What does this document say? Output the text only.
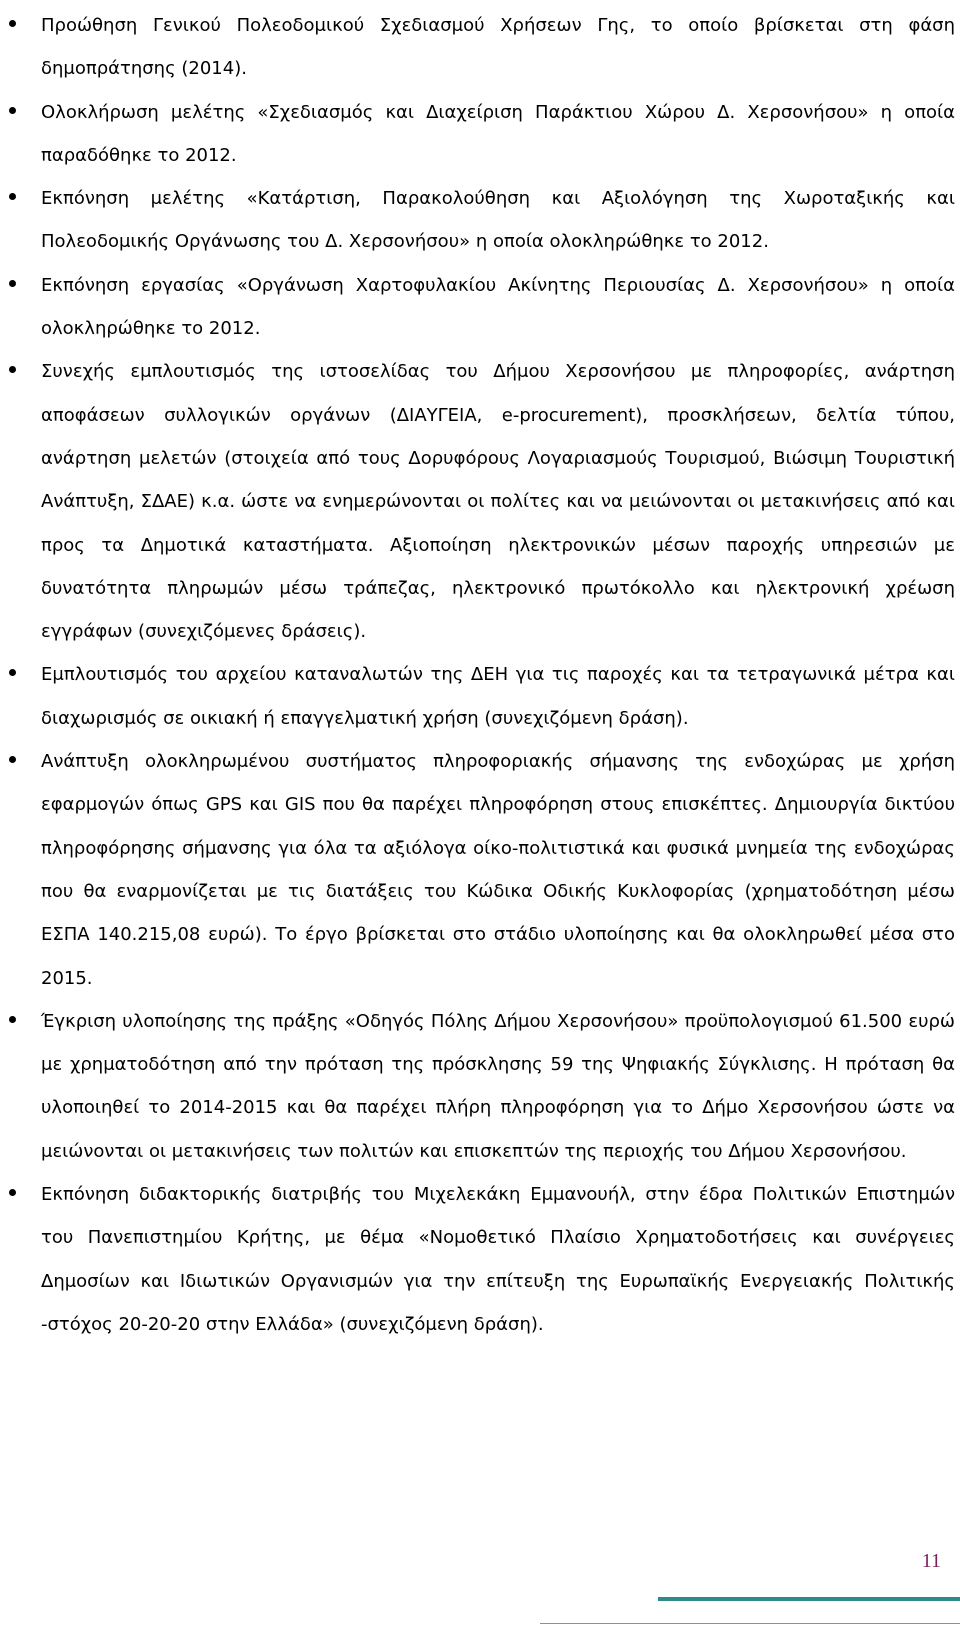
Προώθηση Γενικού Πολεοδομικού Σχεδιασμού Χρήσεων Γης, το οποίο βρίσκεται στη φάση δημοπράτησης (2014).
Ολοκλήρωση μελέτης «Σχεδιασμός και Διαχείριση Παράκτιου Χώρου Δ. Χερσονήσου» η οποία παραδόθηκε το 2012.
Εκπόνηση μελέτης «Κατάρτιση, Παρακολούθηση και Αξιολόγηση της Χωροταξικής και Πολεοδομικής Οργάνωσης του Δ. Χερσονήσου» η οποία ολοκληρώθηκε το 2012.
Εκπόνηση εργασίας «Οργάνωση Χαρτοφυλακίου Ακίνητης Περιουσίας Δ. Χερσονήσου» η οποία ολοκληρώθηκε το 2012.
Συνεχής εμπλουτισμός της ιστοσελίδας του Δήμου Χερσονήσου με πληροφορίες, ανάρτηση αποφάσεων συλλογικών οργάνων (ΔΙΑΥΓΕΙΑ, e-procurement), προσκλήσεων, δελτία τύπου, ανάρτηση μελετών (στοιχεία από τους Δορυφόρους Λογαριασμούς Τουρισμού, Βιώσιμη Τουριστική Ανάπτυξη, ΣΔΑΕ) κ.α. ώστε να ενημερώνονται οι πολίτες και να μειώνονται οι μετακινήσεις από και προς τα Δημοτικά καταστήματα. Αξιοποίηση ηλεκτρονικών μέσων παροχής υπηρεσιών με δυνατότητα πληρωμών μέσω τράπεζας, ηλεκτρονικό πρωτόκολλο και ηλεκτρονική χρέωση εγγράφων (συνεχιζόμενες δράσεις).
Εμπλουτισμός του αρχείου καταναλωτών της ΔΕΗ για τις παροχές και τα τετραγωνικά μέτρα και διαχωρισμός σε οικιακή ή επαγγελματική χρήση (συνεχιζόμενη δράση).
Ανάπτυξη ολοκληρωμένου συστήματος πληροφοριακής σήμανσης της ενδοχώρας με χρήση εφαρμογών όπως GPS και GIS που θα παρέχει πληροφόρηση στους επισκέπτες. Δημιουργία δικτύου πληροφόρησης σήμανσης για όλα τα αξιόλογα οίκο-πολιτιστικά και φυσικά μνημεία της ενδοχώρας που θα εναρμονίζεται με τις διατάξεις του Κώδικα Οδικής Κυκλοφορίας (χρηματοδότηση μέσω ΕΣΠΑ 140.215,08 ευρώ). Το έργο βρίσκεται στο στάδιο υλοποίησης και θα ολοκληρωθεί μέσα στο 2015.
Έγκριση υλοποίησης της πράξης «Οδηγός Πόλης Δήμου Χερσονήσου» προϋπολογισμού 61.500 ευρώ με χρηματοδότηση από την πρόταση της πρόσκλησης 59 της Ψηφιακής Σύγκλισης. Η πρόταση θα υλοποιηθεί το 2014-2015 και θα παρέχει πλήρη πληροφόρηση για το Δήμο Χερσονήσου ώστε να μειώνονται οι μετακινήσεις των πολιτών και επισκεπτών της περιοχής του Δήμου Χερσονήσου.
Εκπόνηση διδακτορικής διατριβής του Μιχελεκάκη Εμμανουήλ, στην έδρα Πολιτικών Επιστημών του Πανεπιστημίου Κρήτης, με θέμα «Νομοθετικό Πλαίσιο Χρηματοδοτήσεις και συνέργειες Δημοσίων και Ιδιωτικών Οργανισμών για την επίτευξη της Ευρωπαϊκής Ενεργειακής Πολιτικής -στόχος 20-20-20 στην Ελλάδα» (συνεχιζόμενη δράση).
11
